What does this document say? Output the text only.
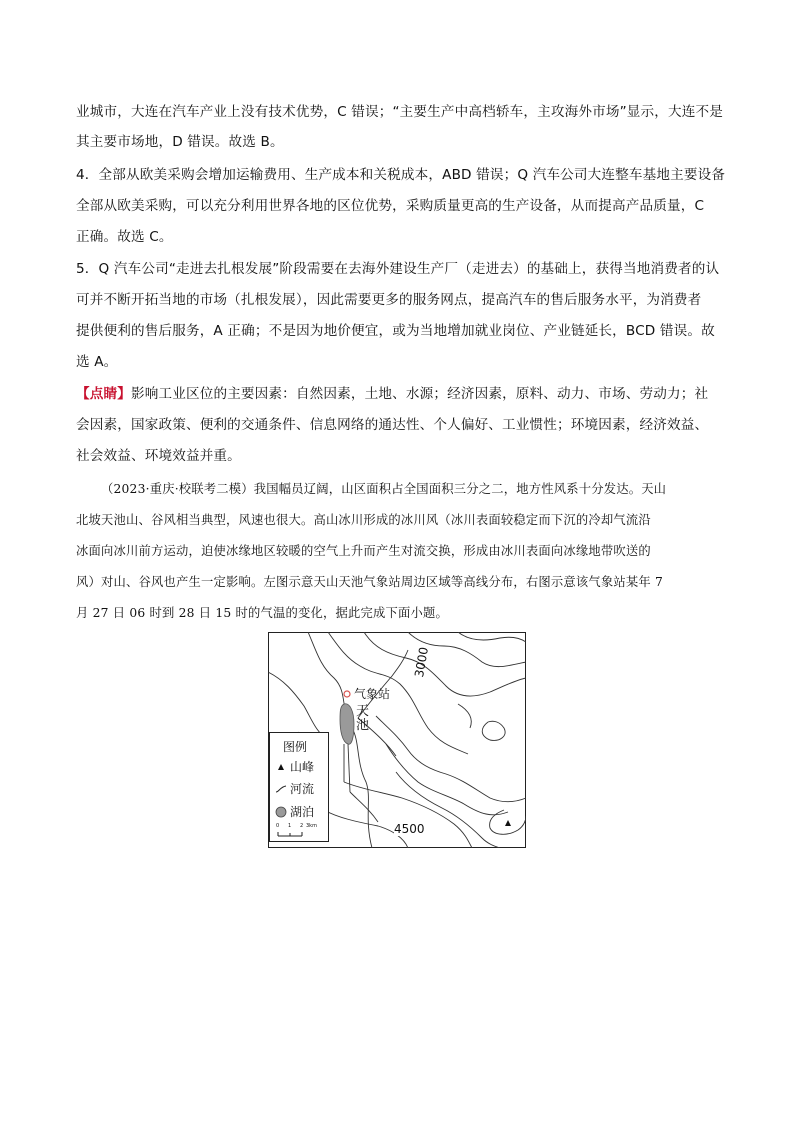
业城市，大连在汽车产业上没有技术优势，C 错误；“主要生产中高档轿车，主攻海外市场”显示，大连不是
其主要市场地，D 错误。故选 B。
4．全部从欧美采购会增加运输费用、生产成本和关税成本，ABD 错误；Q 汽车公司大连整车基地主要设备
全部从欧美采购，可以充分利用世界各地的区位优势，采购质量更高的生产设备，从而提高产品质量，C
正确。故选 C。
5．Q 汽车公司“走进去扎根发展”阶段需要在去海外建设生产厂（走进去）的基础上，获得当地消费者的认
可并不断开拓当地的市场（扎根发展），因此需要更多的服务网点，提高汽车的售后服务水平，为消费者
提供便利的售后服务，A 正确；不是因为地价便宜，或为当地增加就业岗位、产业链延长，BCD 错误。故
选 A。
【点睛】影响工业区位的主要因素：自然因素，土地、水源；经济因素，原料、动力、市场、劳动力；社
会因素，国家政策、便利的交通条件、信息网络的通达性、个人偏好、工业惯性；环境因素，经济效益、
社会效益、环境效益并重。
（2023·重庆·校联考二模）我国幅员辽阔，山区面积占全国面积三分之二，地方性风系十分发达。天山
北坡天池山、谷风相当典型，风速也很大。高山冰川形成的冰川风（冰川表面较稳定而下沉的冷却气流沿
冰面向冰川前方运动，迫使冰缘地区较暖的空气上升而产生对流交换，形成由冰川表面向冰缘地带吹送的
风）对山、谷风也产生一定影响。左图示意天山天池气象站周边区域等高线分布，右图示意该气象站某年 7
月 27 日 06 时到 28 日 15 时的气温的变化，据此完成下面小题。
3000
气象站
天
池
4500
图例
山峰
河流
湖泊
0 1 2 3km
